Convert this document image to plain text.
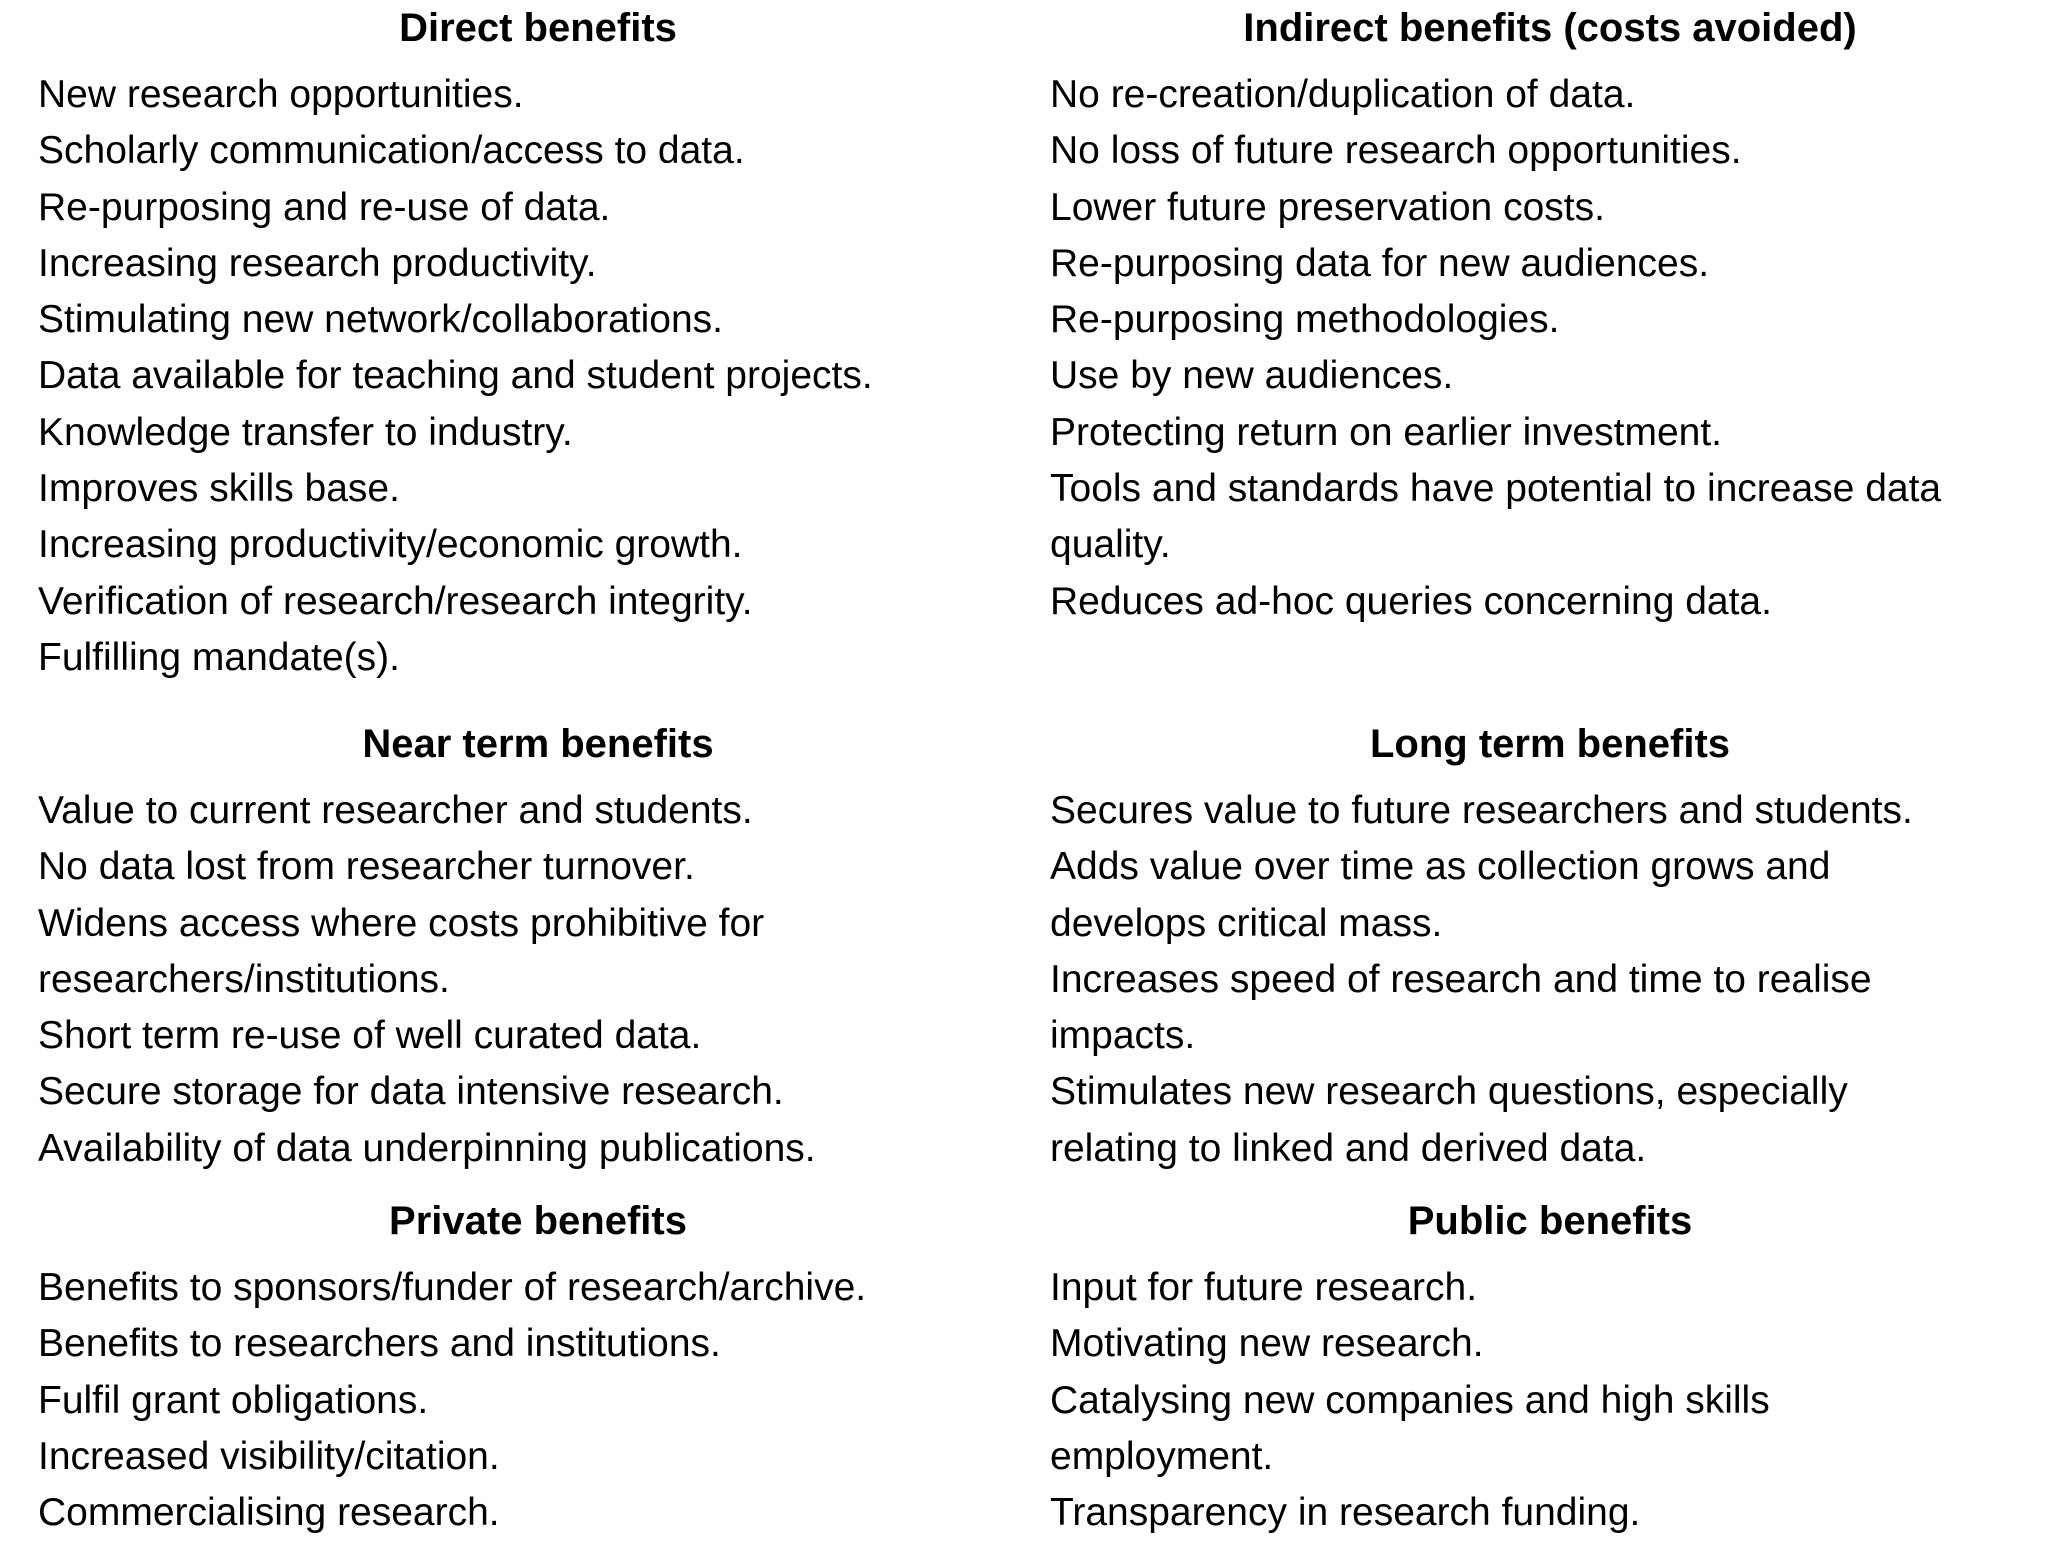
Direct benefits
New research opportunities.
Scholarly communication/access to data.
Re-purposing and re-use of data.
Increasing research productivity.
Stimulating new network/collaborations.
Data available for teaching and student projects.
Knowledge transfer to industry.
Improves skills base.
Increasing productivity/economic growth.
Verification of research/research integrity.
Fulfilling mandate(s).
Indirect benefits (costs avoided)
No re-creation/duplication of data.
No loss of future research opportunities.
Lower future preservation costs.
Re-purposing data for new audiences.
Re-purposing methodologies.
Use by new audiences.
Protecting return on earlier investment.
Tools and standards have potential to increase data
quality.
Reduces ad-hoc queries concerning data.
Near term benefits
Value to current researcher and students.
No data lost from researcher turnover.
Widens access where costs prohibitive for
researchers/institutions.
Short term re-use of well curated data.
Secure storage for data intensive research.
Availability of data underpinning publications.
Long term benefits
Secures value to future researchers and students.
Adds value over time as collection grows and
develops critical mass.
Increases speed of research and time to realise
impacts.
Stimulates new research questions, especially
relating to linked and derived data.
Private benefits
Benefits to sponsors/funder of research/archive.
Benefits to researchers and institutions.
Fulfil grant obligations.
Increased visibility/citation.
Commercialising research.
Public benefits
Input for future research.
Motivating new research.
Catalysing new companies and high skills
employment.
Transparency in research funding.
